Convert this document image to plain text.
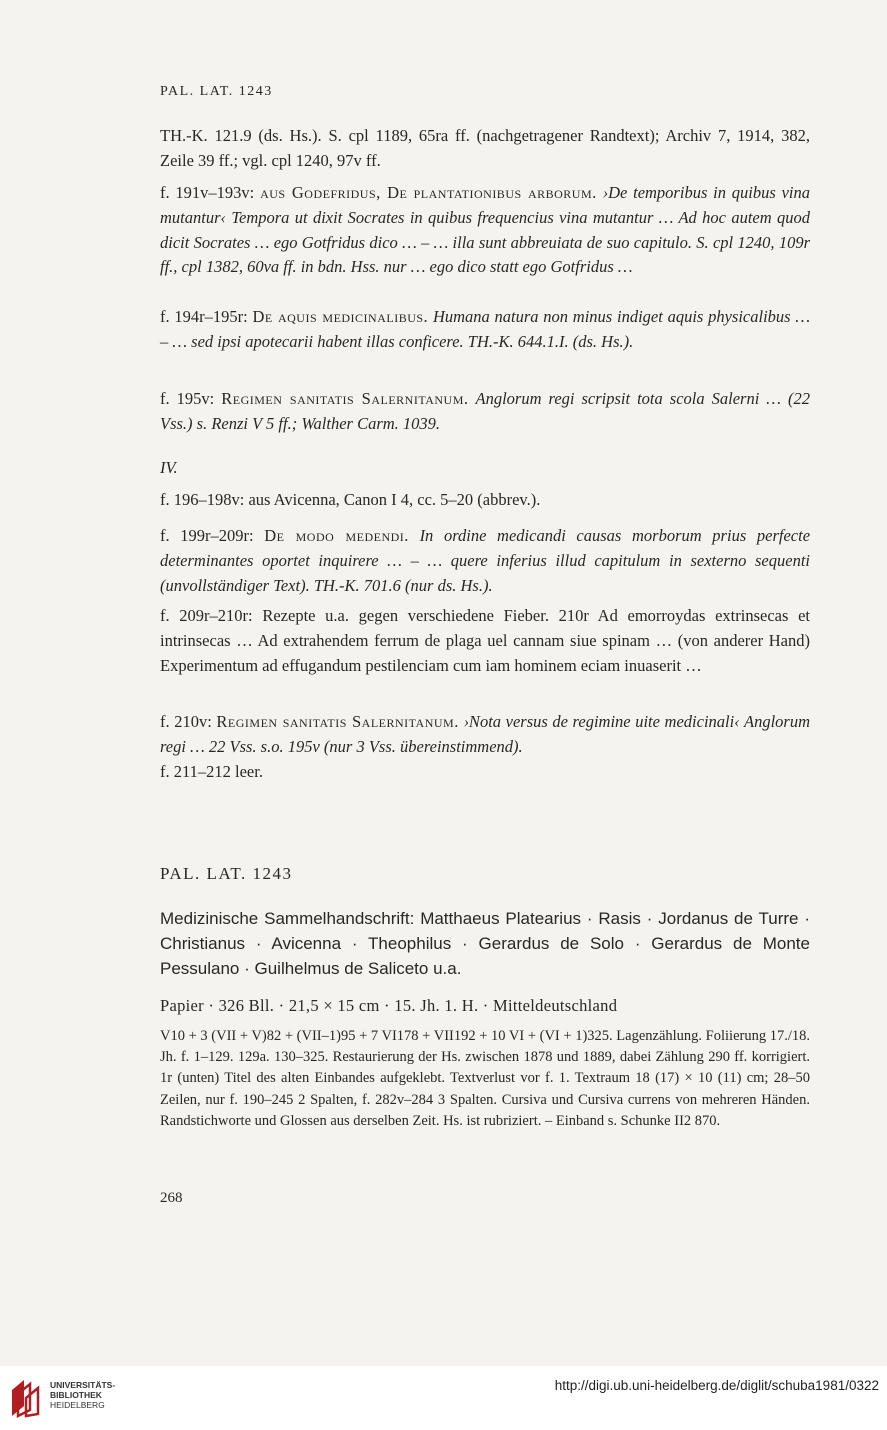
PAL. LAT. 1243

TH.-K. 121.9 (ds. Hs.). S. cpl 1189, 65ra ff. (nachgetragener Randtext); Archiv 7, 1914, 382, Zeile 39 ff.; vgl. cpl 1240, 97v ff.

f. 191v–193v: aus Godefridus, De plantationibus arborum. ›De temporibus in quibus vina mutantur‹ Tempora ut dixit Socrates in quibus frequencius vina mutantur … Ad hoc autem quod dicit Socrates … ego Gotfridus dico … – … illa sunt abbreuiata de suo capitulo. S. cpl 1240, 109r ff., cpl 1382, 60va ff. in bdn. Hss. nur … ego dico statt ego Gotfridus …

f. 194r–195r: De aquis medicinalibus. Humana natura non minus indiget aquis physicalibus … – … sed ipsi apotecarii habent illas conficere. TH.-K. 644.1.I. (ds. Hs.).

f. 195v: Regimen sanitatis Salernitanum. Anglorum regi scripsit tota scola Salerni … (22 Vss.) s. Renzi V 5 ff.; Walther Carm. 1039.

IV.

f. 196–198v: aus Avicenna, Canon I 4, cc. 5–20 (abbrev.).

f. 199r–209r: De modo medendi. In ordine medicandi causas morborum prius perfecte determinantes oportet inquirere … – … quere inferius illud capitulum in sexterno sequenti (unvollständiger Text). TH.-K. 701.6 (nur ds. Hs.).

f. 209r–210r: Rezepte u.a. gegen verschiedene Fieber. 210r Ad emorroydas extrinsecas et intrinsecas … Ad extrahendem ferrum de plaga uel cannam siue spinam … (von anderer Hand) Experimentum ad effugandum pestilenciam cum iam hominem eciam inuaserit …

f. 210v: Regimen sanitatis Salernitanum. ›Nota versus de regimine uite medicinali‹ Anglorum regi … 22 Vss. s.o. 195v (nur 3 Vss. übereinstimmend).

f. 211–212 leer.

PAL. LAT. 1243
Medizinische Sammelhandschrift: Matthaeus Platearius · Rasis · Jordanus de Turre · Christianus · Avicenna · Theophilus · Gerardus de Solo · Gerardus de Monte Pessulano · Guilhelmus de Saliceto u.a.
Papier · 326 Bll. · 21,5 × 15 cm · 15. Jh. 1. H. · Mitteldeutschland
V10 + 3 (VII + V)82 + (VII–1)95 + 7 VI178 + VII192 + 10 VI + (VI + 1)325. Lagenzählung. Foliierung 17./18. Jh. f. 1–129. 129a. 130–325. Restaurierung der Hs. zwischen 1878 und 1889, dabei Zählung 290 ff. korrigiert. 1r (unten) Titel des alten Einbandes aufgeklebt. Textverlust vor f. 1. Textraum 18 (17) × 10 (11) cm; 28–50 Zeilen, nur f. 190–245 2 Spalten, f. 282v–284 3 Spalten. Cursiva und Cursiva currens von mehreren Händen. Randstichworte und Glossen aus derselben Zeit. Hs. ist rubriziert. – Einband s. Schunke II2 870.
268
UNIVERSITÄTS-
BIBLIOTHEK
HEIDELBERG
http://digi.ub.uni-heidelberg.de/diglit/schuba1981/0322
